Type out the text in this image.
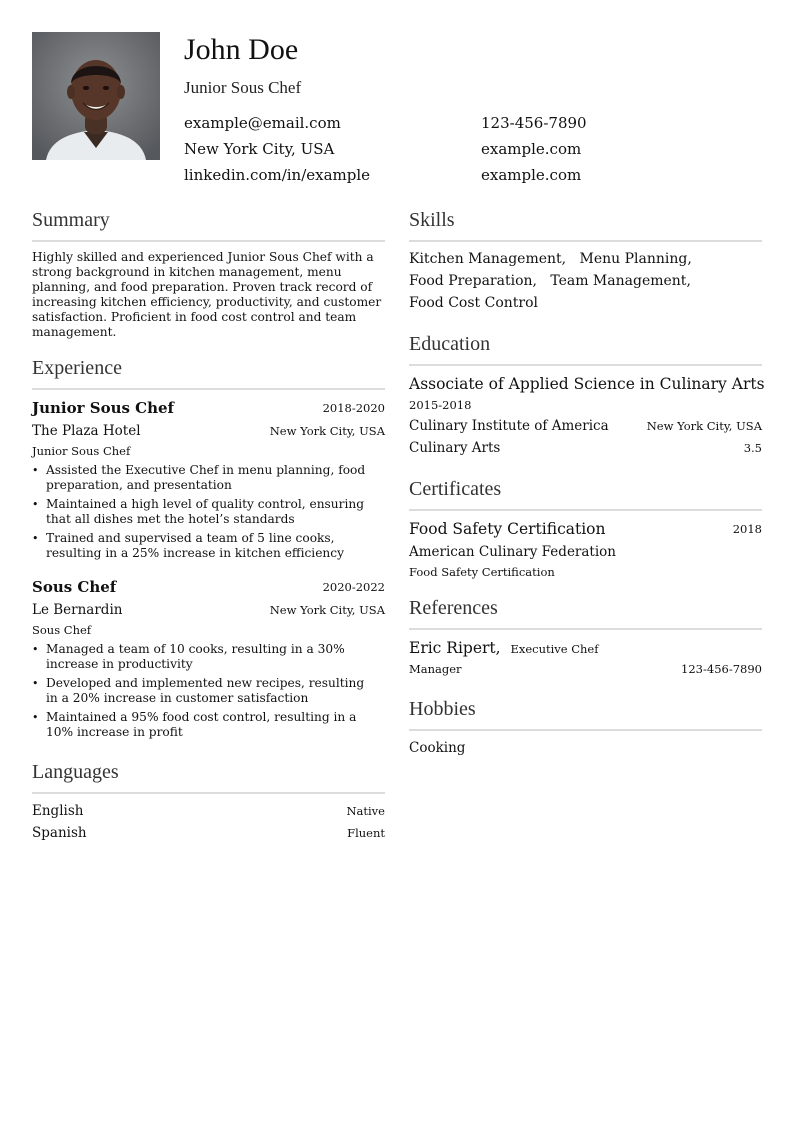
John Doe
Junior Sous Chef
example@email.com	123-456-7890
New York City, USA	example.com
linkedin.com/in/example	example.com
Summary
Highly skilled and experienced Junior Sous Chef with a strong background in kitchen management, menu planning, and food preparation. Proven track record of increasing kitchen efficiency, productivity, and customer satisfaction. Proficient in food cost control and team management.
Experience
Junior Sous Chef	2018-2020
The Plaza Hotel	New York City, USA
Junior Sous Chef
• Assisted the Executive Chef in menu planning, food preparation, and presentation
• Maintained a high level of quality control, ensuring that all dishes met the hotel’s standards
• Trained and supervised a team of 5 line cooks, resulting in a 25% increase in kitchen efficiency
Sous Chef	2020-2022
Le Bernardin	New York City, USA
Sous Chef
• Managed a team of 10 cooks, resulting in a 30% increase in productivity
• Developed and implemented new recipes, resulting in a 20% increase in customer satisfaction
• Maintained a 95% food cost control, resulting in a 10% increase in profit
Languages
English	Native
Spanish	Fluent
Skills
Kitchen Management,   Menu Planning,
Food Preparation,   Team Management,
Food Cost Control
Education
Associate of Applied Science in Culinary Arts
2015-2018
Culinary Institute of America	New York City, USA
Culinary Arts	3.5
Certificates
Food Safety Certification	2018
American Culinary Federation
Food Safety Certification
References
Eric Ripert,  Executive Chef
Manager	123-456-7890
Hobbies
Cooking
